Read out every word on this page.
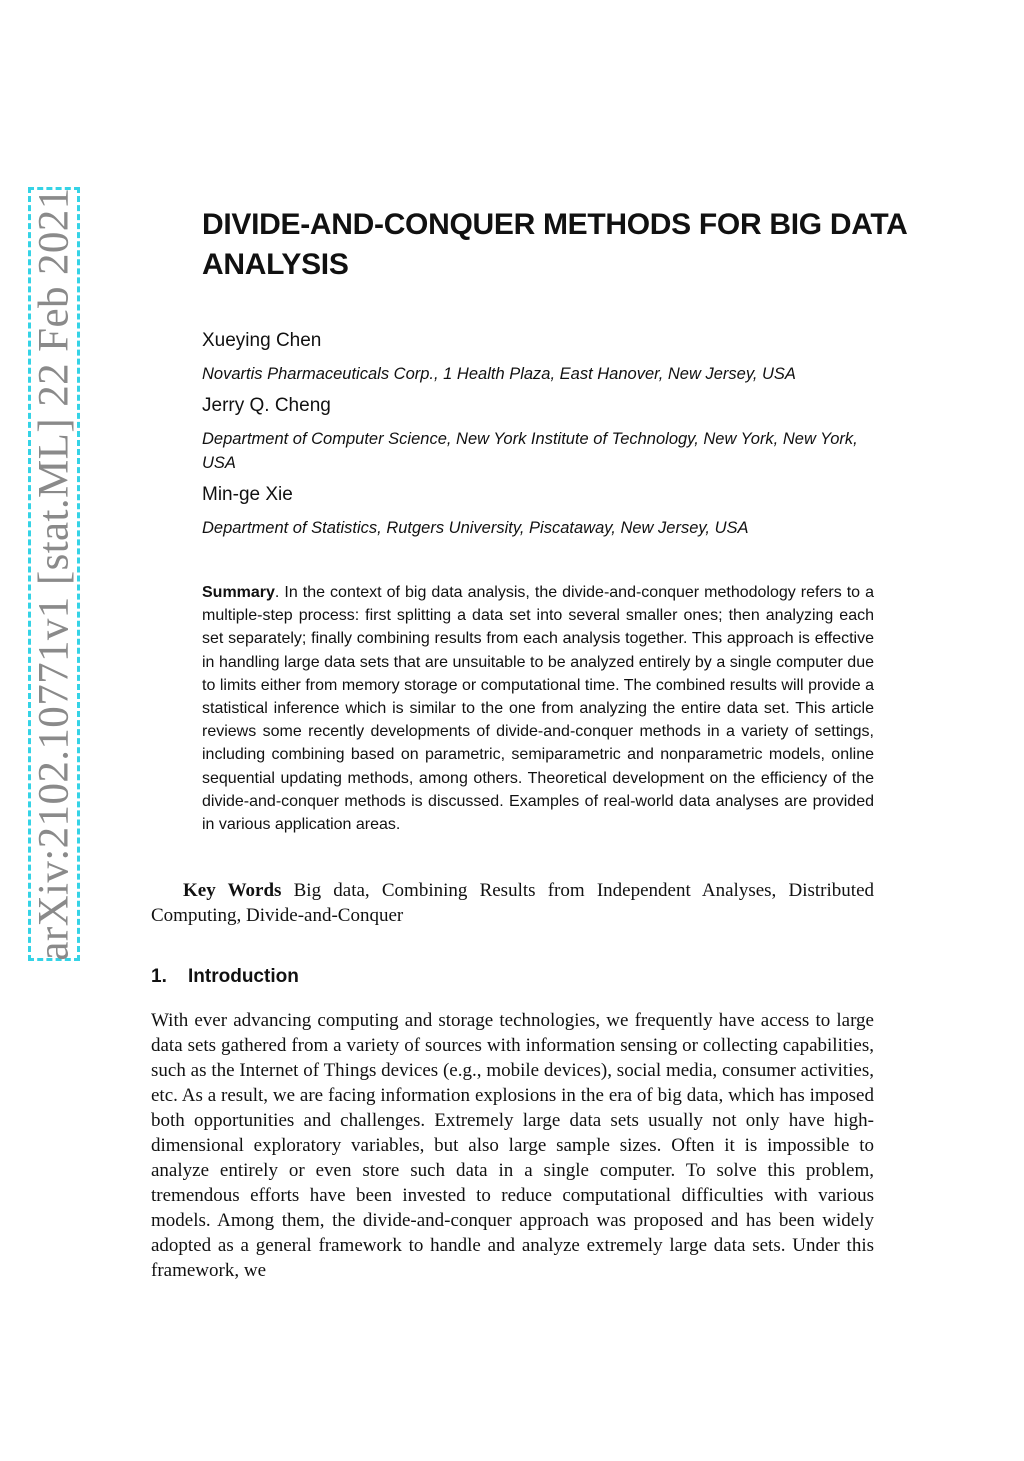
arXiv:2102.10771v1 [stat.ML] 22 Feb 2021	DIVIDE-AND-CONQUER METHODS FOR BIG DATA ANALYSIS
Xueying Chen
Novartis Pharmaceuticals Corp., 1 Health Plaza, East Hanover, New Jersey, USA
Jerry Q. Cheng
Department of Computer Science, New York Institute of Technology, New York, New York, USA
Min-ge Xie
Department of Statistics, Rutgers University, Piscataway, New Jersey, USA

Summary. In the context of big data analysis, the divide-and-conquer methodology refers to a multiple-step process: first splitting a data set into several smaller ones; then analyzing each set separately; finally combining results from each analysis together. This approach is effective in handling large data sets that are unsuitable to be analyzed entirely by a single computer due to limits either from memory storage or computational time. The combined results will provide a statistical inference which is similar to the one from analyzing the entire data set. This article reviews some recently developments of divide-and-conquer methods in a variety of settings, including combining based on parametric, semiparametric and nonparametric models, online sequential updating methods, among others. Theoretical development on the efficiency of the divide-and-conquer methods is discussed. Examples of real-world data analyses are provided in various application areas.

Key Words Big data, Combining Results from Independent Analyses, Distributed Computing, Divide-and-Conquer

1. Introduction

With ever advancing computing and storage technologies, we frequently have access to large data sets gathered from a variety of sources with information sensing or collecting capabilities, such as the Internet of Things devices (e.g., mobile devices), social media, consumer activities, etc. As a result, we are facing information explosions in the era of big data, which has imposed both opportunities and challenges. Extremely large data sets usually not only have high-dimensional exploratory variables, but also large sample sizes. Often it is impossible to analyze entirely or even store such data in a single computer. To solve this problem, tremendous efforts have been invested to reduce computational difficulties with various models. Among them, the divide-and-conquer approach was proposed and has been widely adopted as a general framework to handle and analyze extremely large data sets. Under this framework, we
